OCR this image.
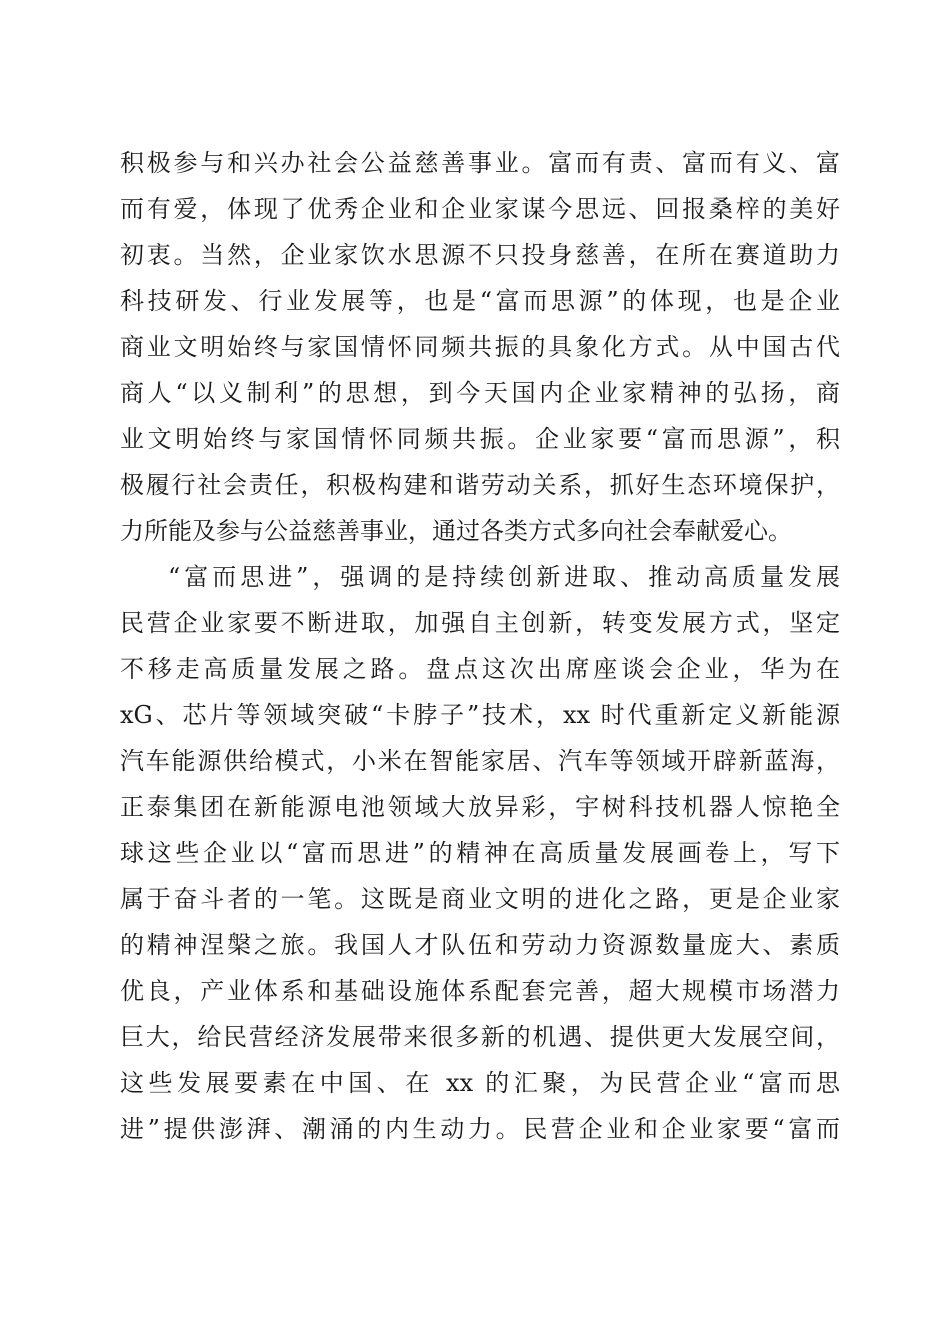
积极参与和兴办社会公益慈善事业。富而有责、富而有义、富
而有爱，体现了优秀企业和企业家谋今思远、回报桑梓的美好
初衷。当然，企业家饮水思源不只投身慈善，在所在赛道助力
科技研发、行业发展等，也是“富而思源”的体现，也是企业
商业文明始终与家国情怀同频共振的具象化方式。从中国古代
商人“以义制利”的思想，到今天国内企业家精神的弘扬，商
业文明始终与家国情怀同频共振。企业家要“富而思源”，积
极履行社会责任，积极构建和谐劳动关系，抓好生态环境保护，
力所能及参与公益慈善事业，通过各类方式多向社会奉献爱心。
“富而思进”，强调的是持续创新进取、推动高质量发展
民营企业家要不断进取，加强自主创新，转变发展方式，坚定
不移走高质量发展之路。盘点这次出席座谈会企业，华为在
xG、芯片等领域突破“卡脖子”技术，xx 时代重新定义新能源
汽车能源供给模式，小米在智能家居、汽车等领域开辟新蓝海，
正泰集团在新能源电池领域大放异彩，宇树科技机器人惊艳全
球这些企业以“富而思进”的精神在高质量发展画卷上，写下
属于奋斗者的一笔。这既是商业文明的进化之路，更是企业家
的精神涅槃之旅。我国人才队伍和劳动力资源数量庞大、素质
优良，产业体系和基础设施体系配套完善，超大规模市场潜力
巨大，给民营经济发展带来很多新的机遇、提供更大发展空间，
这些发展要素在中国、在 xx 的汇聚，为民营企业“富而思
进”提供澎湃、潮涌的内生动力。民营企业和企业家要“富而
